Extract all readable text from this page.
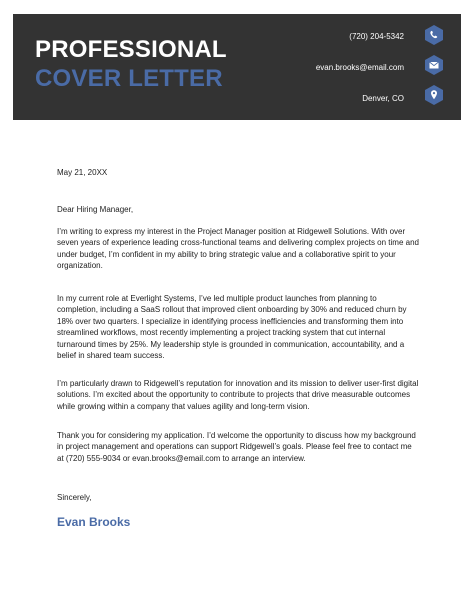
PROFESSIONAL
COVER LETTER
(720) 204-5342
evan.brooks@email.com
Denver, CO
May 21, 20XX
Dear Hiring Manager,
I’m writing to express my interest in the Project Manager position at Ridgewell Solutions. With over seven years of experience leading cross-functional teams and delivering complex projects on time and under budget, I’m confident in my ability to bring strategic value and a collaborative spirit to your organization.
In my current role at Everlight Systems, I’ve led multiple product launches from planning to completion, including a SaaS rollout that improved client onboarding by 30% and reduced churn by 18% over two quarters. I specialize in identifying process inefficiencies and transforming them into streamlined workflows, most recently implementing a project tracking system that cut internal turnaround times by 25%. My leadership style is grounded in communication, accountability, and a belief in shared team success.
I’m particularly drawn to Ridgewell’s reputation for innovation and its mission to deliver user-first digital solutions. I’m excited about the opportunity to contribute to projects that drive measurable outcomes while growing within a company that values agility and long-term vision.
Thank you for considering my application. I’d welcome the opportunity to discuss how my background in project management and operations can support Ridgewell’s goals. Please feel free to contact me at (720) 555-9034 or evan.brooks@email.com to arrange an interview.
Sincerely,
Evan Brooks
